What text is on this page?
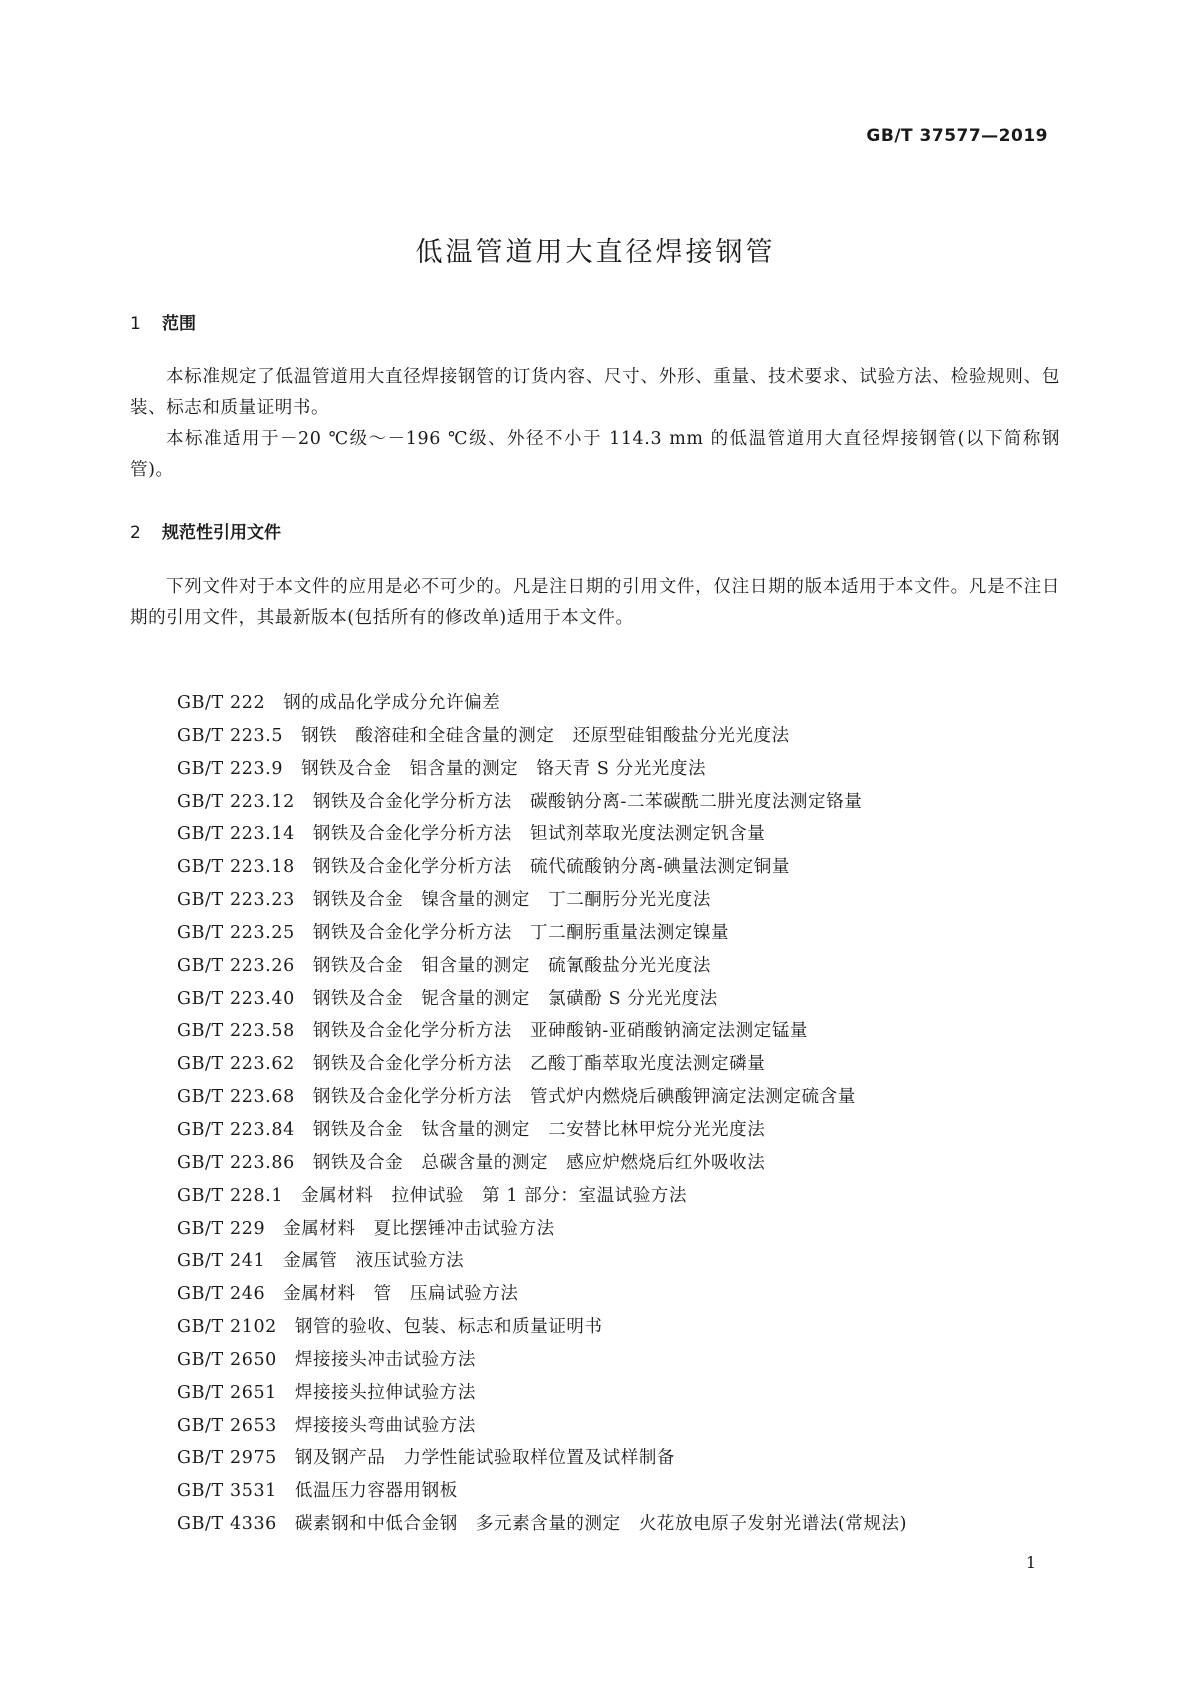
GB/T 37577—2019
低温管道用大直径焊接钢管
1 范围

本标准规定了低温管道用大直径焊接钢管的订货内容、尺寸、外形、重量、技术要求、试验方法、检验规则、包装、标志和质量证明书。

本标准适用于－20 ℃级～－196 ℃级、外径不小于 114.3 mm 的低温管道用大直径焊接钢管(以下简称钢管)。

2 规范性引用文件

下列文件对于本文件的应用是必不可少的。凡是注日期的引用文件，仅注日期的版本适用于本文件。凡是不注日期的引用文件，其最新版本(包括所有的修改单)适用于本文件。

GB/T 222 钢的成品化学成分允许偏差
GB/T 223.5 钢铁　酸溶硅和全硅含量的测定　还原型硅钼酸盐分光光度法
GB/T 223.9 钢铁及合金　铝含量的测定　铬天青 S 分光光度法
GB/T 223.12 钢铁及合金化学分析方法　碳酸钠分离-二苯碳酰二肼光度法测定铬量
GB/T 223.14 钢铁及合金化学分析方法　钽试剂萃取光度法测定钒含量
GB/T 223.18 钢铁及合金化学分析方法　硫代硫酸钠分离-碘量法测定铜量
GB/T 223.23 钢铁及合金　镍含量的测定　丁二酮肟分光光度法
GB/T 223.25 钢铁及合金化学分析方法　丁二酮肟重量法测定镍量
GB/T 223.26 钢铁及合金　钼含量的测定　硫氰酸盐分光光度法
GB/T 223.40 钢铁及合金　铌含量的测定　氯磺酚 S 分光光度法
GB/T 223.58 钢铁及合金化学分析方法　亚砷酸钠-亚硝酸钠滴定法测定锰量
GB/T 223.62 钢铁及合金化学分析方法　乙酸丁酯萃取光度法测定磷量
GB/T 223.68 钢铁及合金化学分析方法　管式炉内燃烧后碘酸钾滴定法测定硫含量
GB/T 223.84 钢铁及合金　钛含量的测定　二安替比林甲烷分光光度法
GB/T 223.86 钢铁及合金　总碳含量的测定　感应炉燃烧后红外吸收法
GB/T 228.1 金属材料　拉伸试验　第 1 部分：室温试验方法
GB/T 229 金属材料　夏比摆锤冲击试验方法
GB/T 241 金属管　液压试验方法
GB/T 246 金属材料　管　压扁试验方法
GB/T 2102 钢管的验收、包装、标志和质量证明书
GB/T 2650 焊接接头冲击试验方法
GB/T 2651 焊接接头拉伸试验方法
GB/T 2653 焊接接头弯曲试验方法
GB/T 2975 钢及钢产品　力学性能试验取样位置及试样制备
GB/T 3531 低温压力容器用钢板
GB/T 4336 碳素钢和中低合金钢　多元素含量的测定　火花放电原子发射光谱法(常规法)
1
